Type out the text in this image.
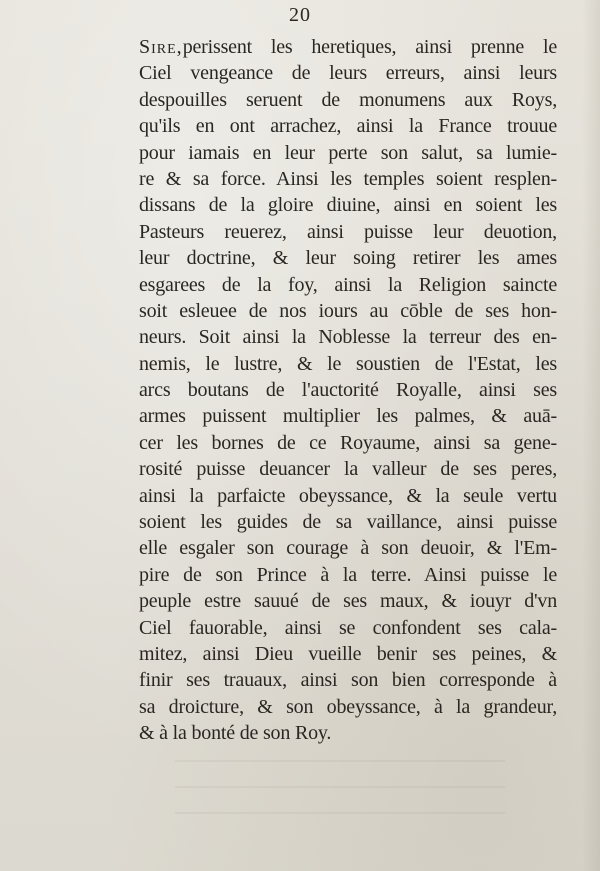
20
Sire,perissent les heretiques, ainsi prenne le
Ciel vengeance de leurs erreurs, ainsi leurs
despouilles seruent de monumens aux Roys,
qu'ils en ont arrachez, ainsi la France trouue
pour iamais en leur perte son salut, sa lumie-
re & sa force. Ainsi les temples soient resplen-
dissans de la gloire diuine, ainsi en soient les
Pasteurs reuerez, ainsi puisse leur deuotion,
leur doctrine, & leur soing retirer les ames
esgarees de la foy, ainsi la Religion saincte
soit esleuee de nos iours au cōble de ses hon-
neurs. Soit ainsi la Noblesse la terreur des en-
nemis, le lustre, & le soustien de l'Estat, les
arcs boutans de l'auctorité Royalle, ainsi ses
armes puissent multiplier les palmes, & auā-
cer les bornes de ce Royaume, ainsi sa gene-
rosité puisse deuancer la valleur de ses peres,
ainsi la parfaicte obeyssance, & la seule vertu
soient les guides de sa vaillance, ainsi puisse
elle esgaler son courage à son deuoir, & l'Em-
pire de son Prince à la terre. Ainsi puisse le
peuple estre sauué de ses maux, & iouyr d'vn
Ciel fauorable, ainsi se confondent ses cala-
mitez, ainsi Dieu vueille benir ses peines, &
finir ses trauaux, ainsi son bien corresponde à
sa droicture, & son obeyssance, à la grandeur,
& à la bonté de son Roy.
